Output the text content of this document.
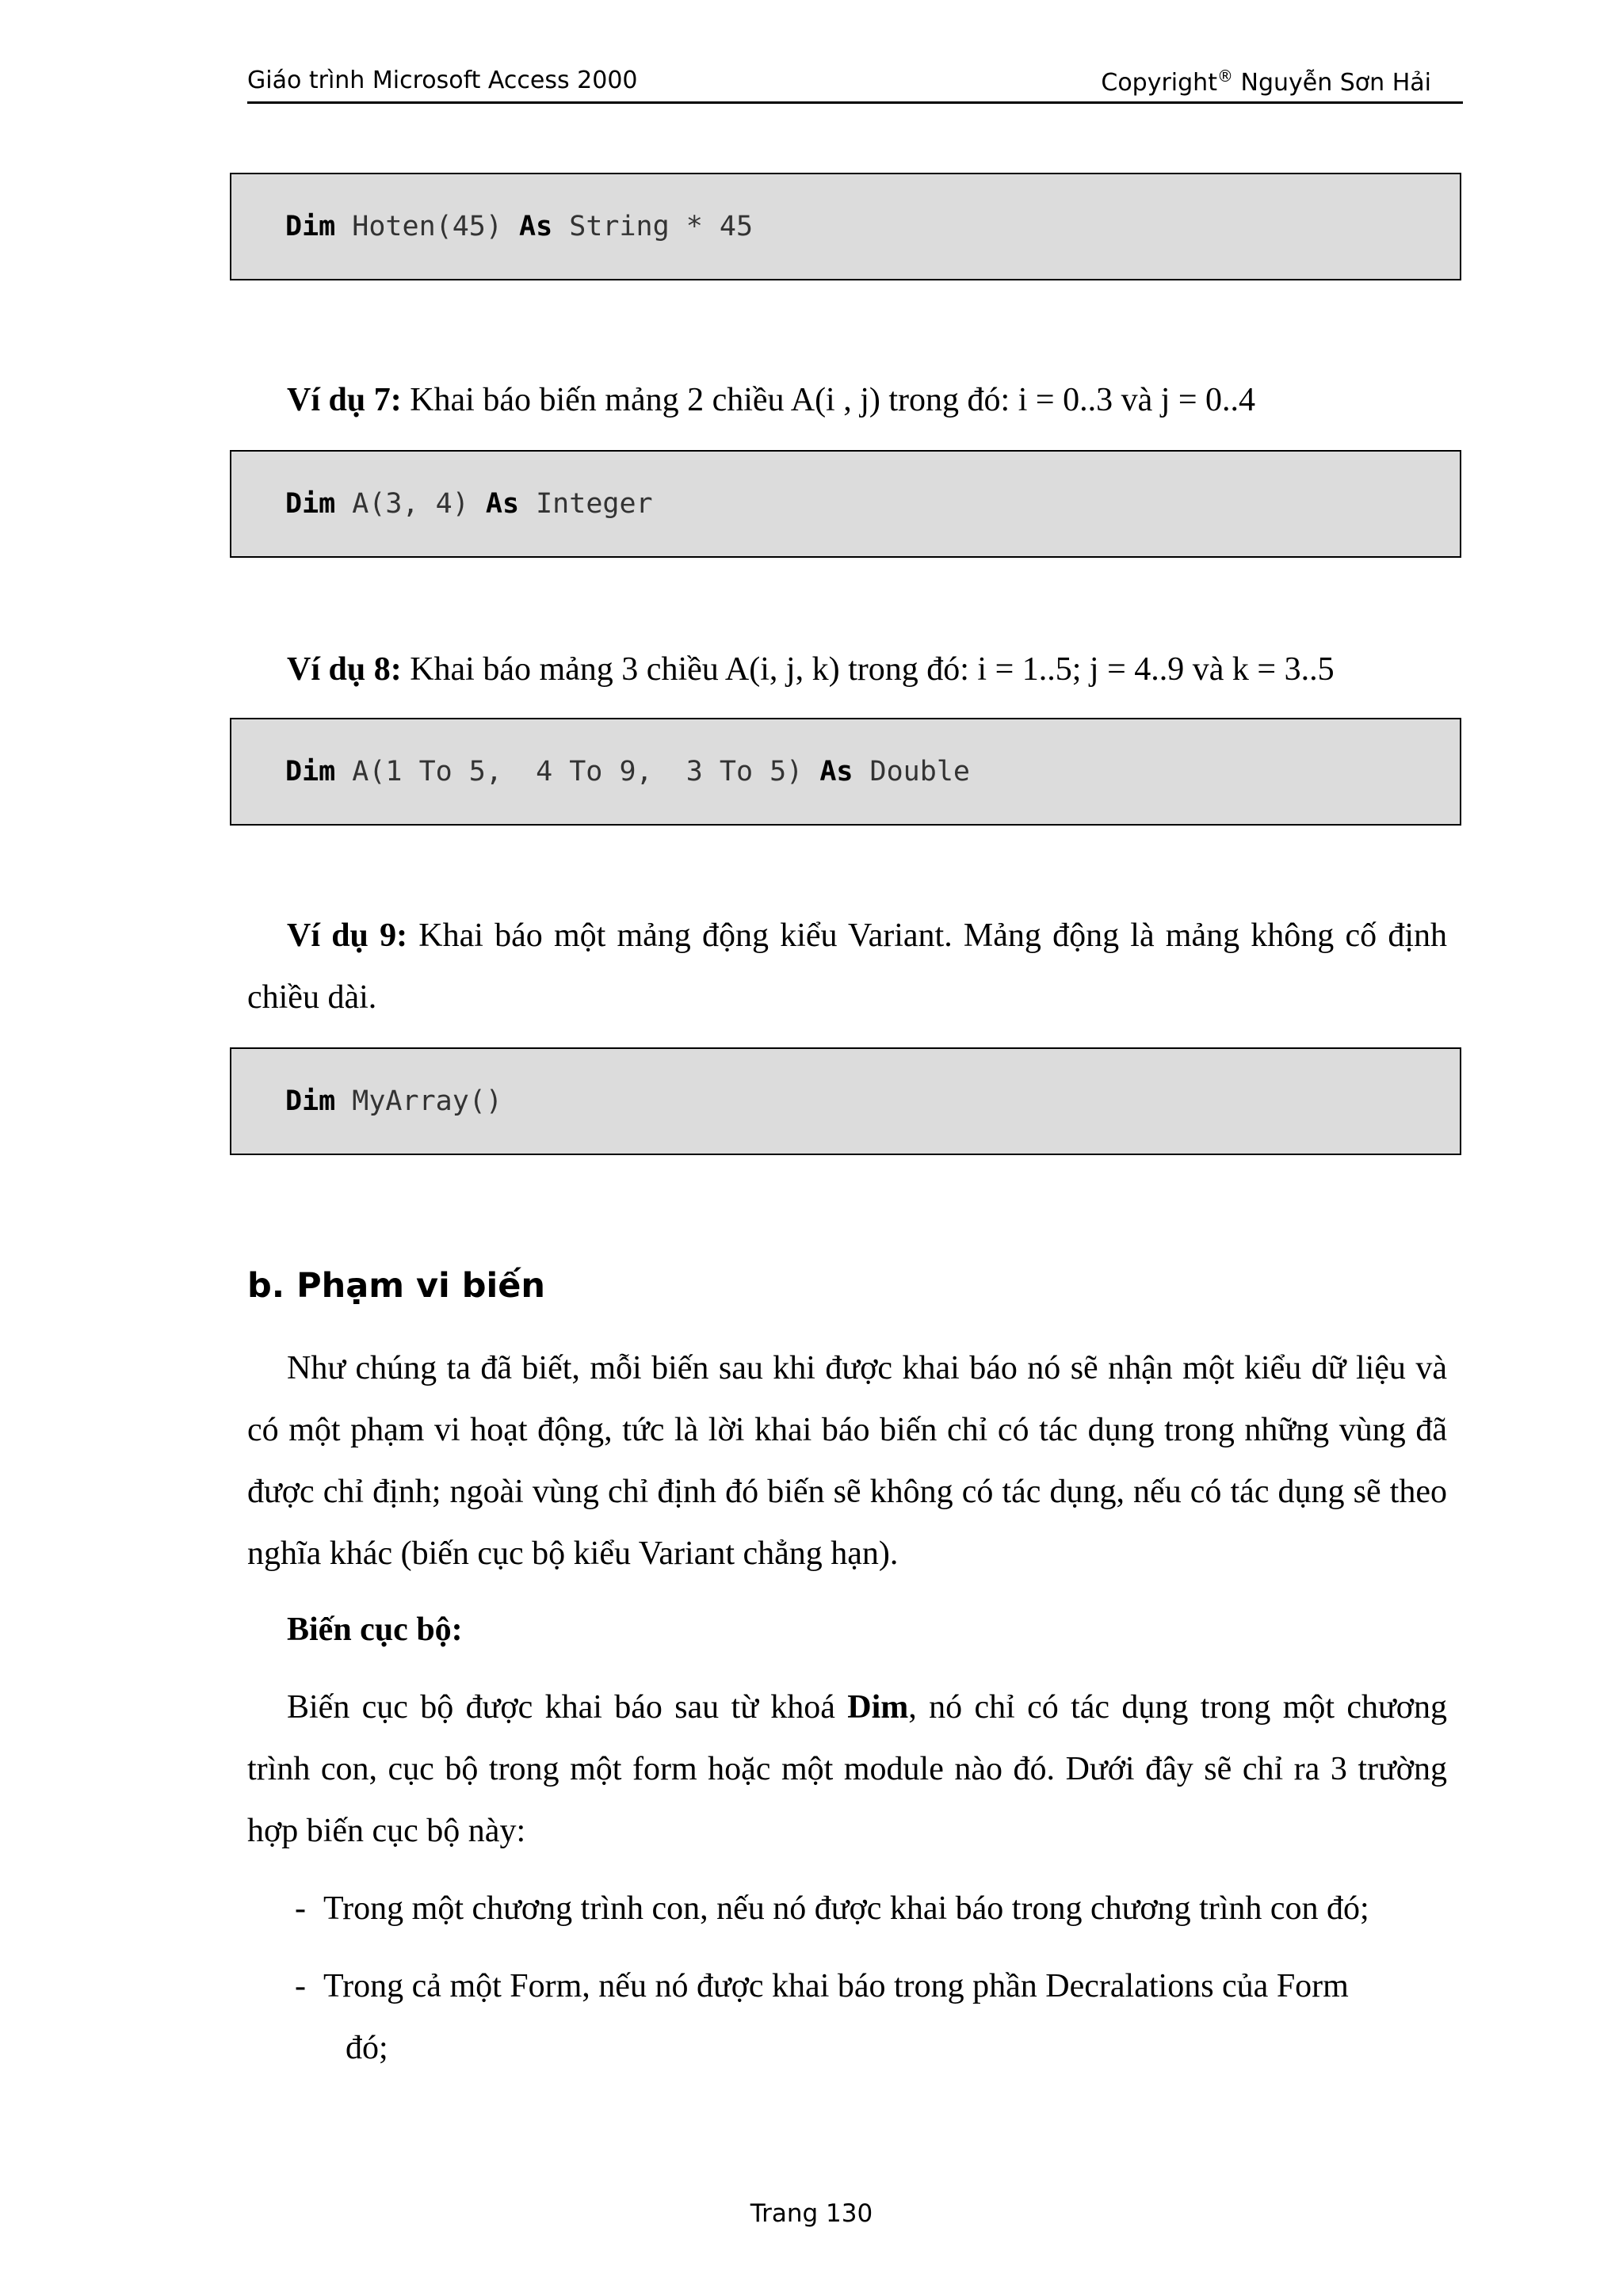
Giáo trình Microsoft Access 2000	Copyright® Nguyễn Sơn Hải
Dim Hoten(45) As String * 45
Ví dụ 7: Khai báo biến mảng 2 chiều A(i , j) trong đó: i = 0..3 và j = 0..4
Dim A(3, 4) As Integer
Ví dụ 8: Khai báo mảng 3 chiều A(i, j, k) trong đó: i = 1..5; j = 4..9 và k = 3..5
Dim A(1 To 5,  4 To 9,  3 To 5) As Double
Ví dụ 9: Khai báo một mảng động kiểu Variant. Mảng động là mảng không cố định chiều dài.
Dim MyArray()
b. Phạm vi biến
Như chúng ta đã biết, mỗi biến sau khi được khai báo nó sẽ nhận một kiểu dữ liệu và có một phạm vi hoạt động, tức là lời khai báo biến chỉ có tác dụng trong những vùng đã được chỉ định; ngoài vùng chỉ định đó biến sẽ không có tác dụng, nếu có tác dụng sẽ theo nghĩa khác (biến cục bộ kiểu Variant chẳng hạn).
Biến cục bộ:
Biến cục bộ được khai báo sau từ khoá Dim, nó chỉ có tác dụng trong một chương trình con, cục bộ trong một form hoặc một module nào đó. Dưới đây sẽ chỉ ra 3 trường hợp biến cục bộ này:
- Trong một chương trình con, nếu nó được khai báo trong chương trình con đó;
- Trong cả một Form, nếu nó được khai báo trong phần Decralations của Form
đó;
Trang 130
